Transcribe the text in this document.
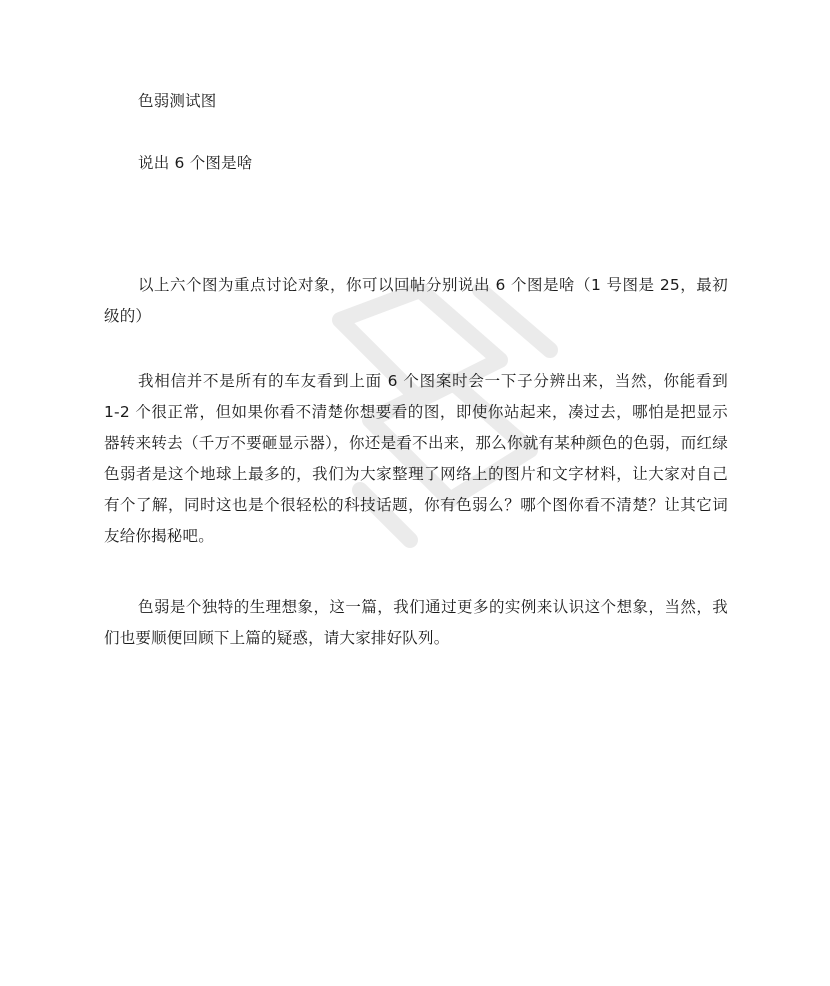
色弱测试图

说出 6 个图是啥

以上六个图为重点讨论对象，你可以回帖分别说出 6 个图是啥（1 号图是 25，最初级的）

我相信并不是所有的车友看到上面 6 个图案时会一下子分辨出来，当然，你能看到 1-2 个很正常，但如果你看不清楚你想要看的图，即使你站起来，凑过去，哪怕是把显示器转来转去（千万不要砸显示器），你还是看不出来，那么你就有某种颜色的色弱，而红绿色弱者是这个地球上最多的，我们为大家整理了网络上的图片和文字材料，让大家对自己有个了解，同时这也是个很轻松的科技话题，你有色弱么？哪个图你看不清楚？让其它词友给你揭秘吧。

色弱是个独特的生理想象，这一篇，我们通过更多的实例来认识这个想象，当然，我们也要顺便回顾下上篇的疑惑，请大家排好队列。
